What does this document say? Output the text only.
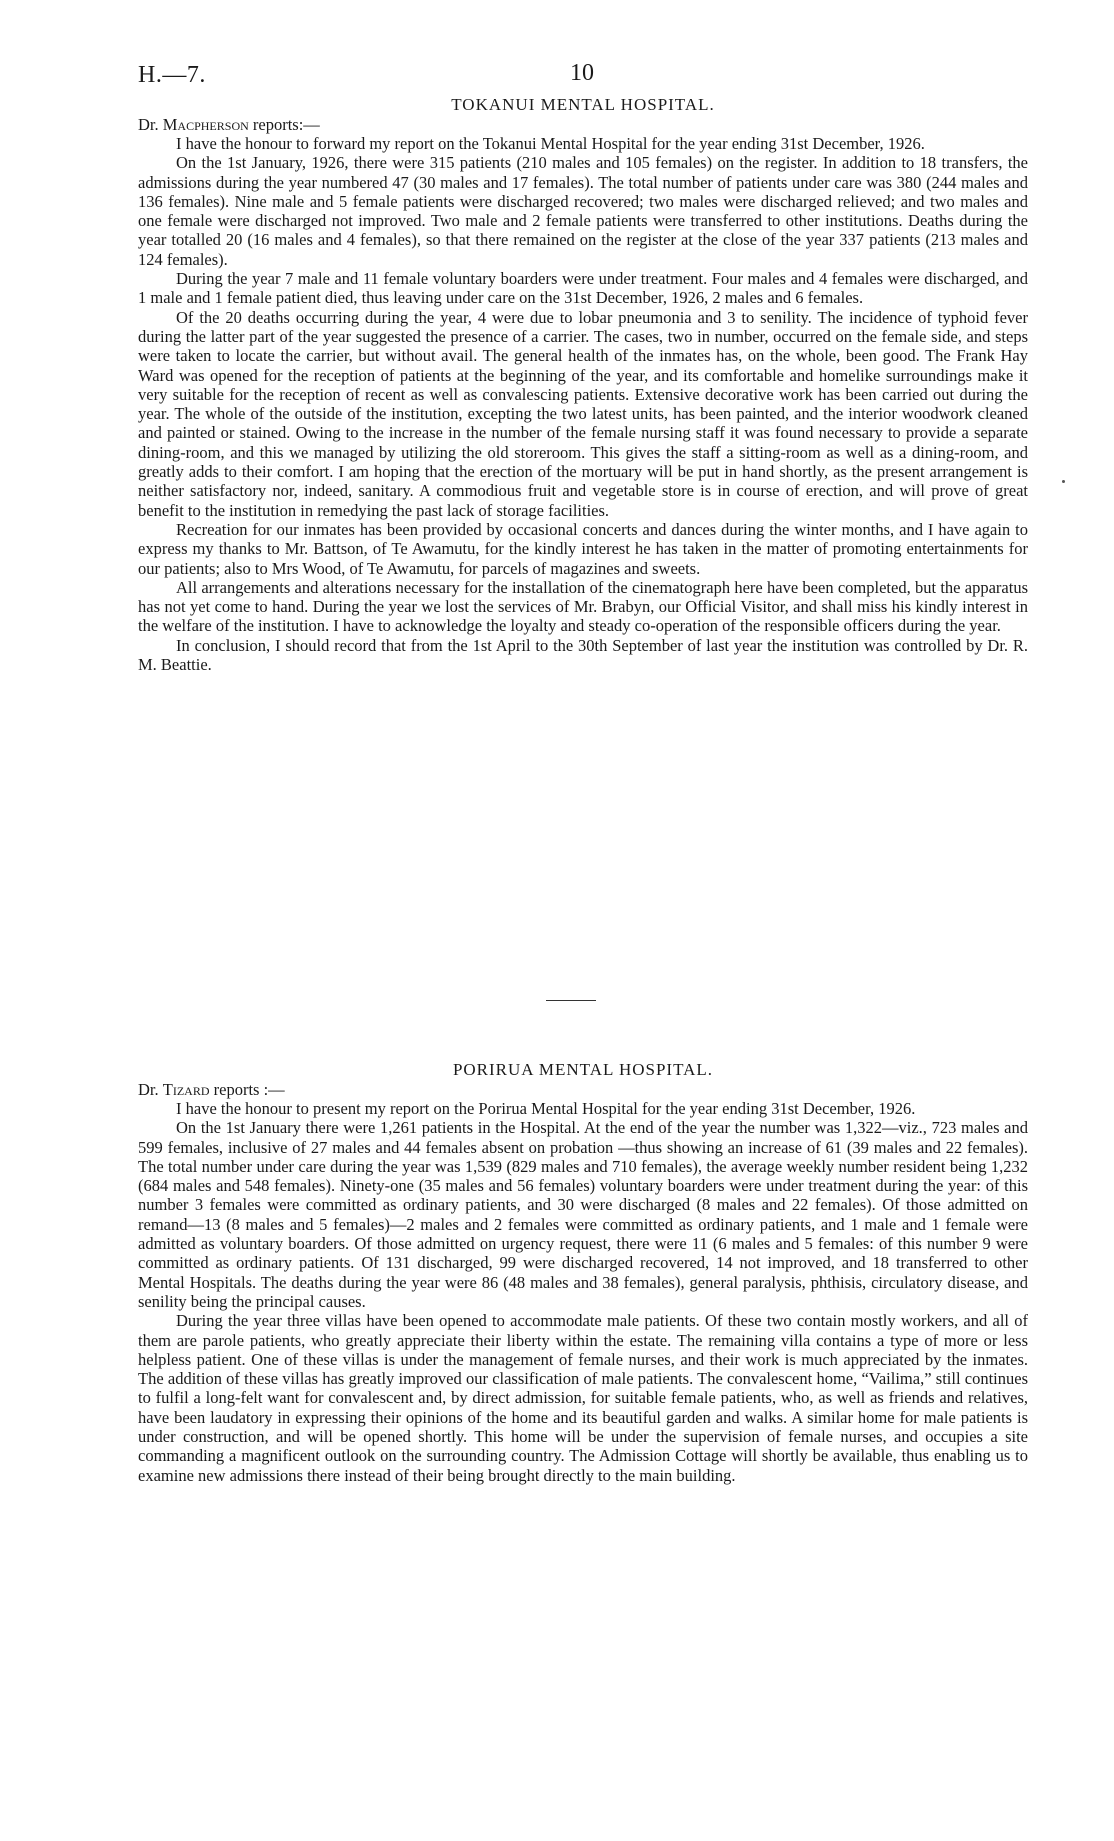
H.—7.	10
TOKANUI MENTAL HOSPITAL.

Dr. Macpherson reports:—

I have the honour to forward my report on the Tokanui Mental Hospital for the year ending 31st December, 1926.

On the 1st January, 1926, there were 315 patients (210 males and 105 females) on the register. In addition to 18 transfers, the admissions during the year numbered 47 (30 males and 17 females). The total number of patients under care was 380 (244 males and 136 females). Nine male and 5 female patients were discharged recovered; two males were discharged relieved; and two males and one female were discharged not improved. Two male and 2 female patients were transferred to other institutions. Deaths during the year totalled 20 (16 males and 4 females), so that there remained on the register at the close of the year 337 patients (213 males and 124 females).

During the year 7 male and 11 female voluntary boarders were under treatment. Four males and 4 females were discharged, and 1 male and 1 female patient died, thus leaving under care on the 31st December, 1926, 2 males and 6 females.

Of the 20 deaths occurring during the year, 4 were due to lobar pneumonia and 3 to senility. The incidence of typhoid fever during the latter part of the year suggested the presence of a carrier. The cases, two in number, occurred on the female side, and steps were taken to locate the carrier, but without avail. The general health of the inmates has, on the whole, been good. The Frank Hay Ward was opened for the reception of patients at the beginning of the year, and its comfortable and homelike surroundings make it very suitable for the reception of recent as well as convalescing patients. Extensive decorative work has been carried out during the year. The whole of the outside of the institution, excepting the two latest units, has been painted, and the interior woodwork cleaned and painted or stained. Owing to the increase in the number of the female nursing staff it was found necessary to provide a separate dining-room, and this we managed by utilizing the old storeroom. This gives the staff a sitting-room as well as a dining-room, and greatly adds to their comfort. I am hoping that the erection of the mortuary will be put in hand shortly, as the present arrangement is neither satisfactory nor, indeed, sanitary. A commodious fruit and vegetable store is in course of erection, and will prove of great benefit to the institution in remedying the past lack of storage facilities.

Recreation for our inmates has been provided by occasional concerts and dances during the winter months, and I have again to express my thanks to Mr. Battson, of Te Awamutu, for the kindly interest he has taken in the matter of promoting entertainments for our patients; also to Mrs Wood, of Te Awamutu, for parcels of magazines and sweets.

All arrangements and alterations necessary for the installation of the cinematograph here have been completed, but the apparatus has not yet come to hand. During the year we lost the services of Mr. Brabyn, our Official Visitor, and shall miss his kindly interest in the welfare of the institution. I have to acknowledge the loyalty and steady co-operation of the responsible officers during the year.

In conclusion, I should record that from the 1st April to the 30th September of last year the institution was controlled by Dr. R. M. Beattie.

PORIRUA MENTAL HOSPITAL.

Dr. Tizard reports :—

I have the honour to present my report on the Porirua Mental Hospital for the year ending 31st December, 1926.

On the 1st January there were 1,261 patients in the Hospital. At the end of the year the number was 1,322—viz., 723 males and 599 females, inclusive of 27 males and 44 females absent on probation —thus showing an increase of 61 (39 males and 22 females). The total number under care during the year was 1,539 (829 males and 710 females), the average weekly number resident being 1,232 (684 males and 548 females). Ninety-one (35 males and 56 females) voluntary boarders were under treatment during the year: of this number 3 females were committed as ordinary patients, and 30 were discharged (8 males and 22 females). Of those admitted on remand—13 (8 males and 5 females)—2 males and 2 females were committed as ordinary patients, and 1 male and 1 female were admitted as voluntary boarders. Of those admitted on urgency request, there were 11 (6 males and 5 females: of this number 9 were committed as ordinary patients. Of 131 discharged, 99 were discharged recovered, 14 not improved, and 18 transferred to other Mental Hospitals. The deaths during the year were 86 (48 males and 38 females), general paralysis, phthisis, circulatory disease, and senility being the principal causes.

During the year three villas have been opened to accommodate male patients. Of these two contain mostly workers, and all of them are parole patients, who greatly appreciate their liberty within the estate. The remaining villa contains a type of more or less helpless patient. One of these villas is under the management of female nurses, and their work is much appreciated by the inmates. The addition of these villas has greatly improved our classification of male patients. The convalescent home, “Vailima,” still continues to fulfil a long-felt want for convalescent and, by direct admission, for suitable female patients, who, as well as friends and relatives, have been laudatory in expressing their opinions of the home and its beautiful garden and walks. A similar home for male patients is under construction, and will be opened shortly. This home will be under the supervision of female nurses, and occupies a site commanding a magnificent outlook on the surrounding country. The Admission Cottage will shortly be available, thus enabling us to examine new admissions there instead of their being brought directly to the main building.
